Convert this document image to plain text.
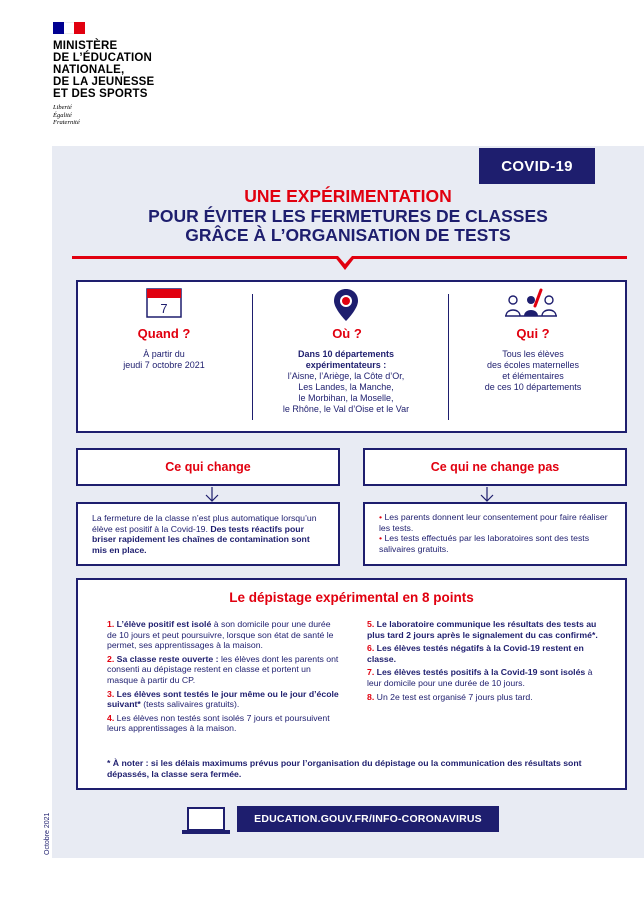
MINISTÈRE
DE L’ÉDUCATION
NATIONALE,
DE LA JEUNESSE
ET DES SPORTS
Liberté
Égalité
Fraternité
COVID-19
UNE EXPÉRIMENTATION
POUR ÉVITER LES FERMETURES DE CLASSES
GRÂCE À L’ORGANISATION DE TESTS
7
Quand ?
À partir du
jeudi 7 octobre 2021
Où ?
Dans 10 départements
expérimentateurs :
l’Aisne, l’Ariège, la Côte d’Or,
Les Landes, la Manche,
le Morbihan, la Moselle,
le Rhône, le Val d’Oise et le Var
Qui ?
Tous les élèves
des écoles maternelles
et élémentaires
de ces 10 départements
Ce qui change
La fermeture de la classe n’est plus automatique lorsqu’un élève est positif à la Covid-19. Des tests réactifs pour briser rapidement les chaînes de contamination sont mis en place.
Ce qui ne change pas
• Les parents donnent leur consentement pour faire réaliser les tests.
• Les tests effectués par les laboratoires sont des tests salivaires gratuits.
Le dépistage expérimental en 8 points
1. L’élève positif est isolé à son domicile pour une durée de 10 jours et peut poursuivre, lorsque son état de santé le permet, ses apprentissages à la maison.
2. Sa classe reste ouverte : les élèves dont les parents ont consenti au dépistage restent en classe et portent un masque à partir du CP.
3. Les élèves sont testés le jour même ou le jour d’école suivant* (tests salivaires gratuits).
4. Les élèves non testés sont isolés 7 jours et poursuivent leurs apprentissages à la maison.
5. Le laboratoire communique les résultats des tests au plus tard 2 jours après le signalement du cas confirmé*.
6. Les élèves testés négatifs à la Covid-19 restent en classe.
7. Les élèves testés positifs à la Covid-19 sont isolés à leur domicile pour une durée de 10 jours.
8. Un 2e test est organisé 7 jours plus tard.
* À noter : si les délais maximums prévus pour l’organisation du dépistage ou la communication des résultats sont dépassés, la classe sera fermée.
EDUCATION.GOUV.FR/INFO-CORONAVIRUS
Octobre 2021
